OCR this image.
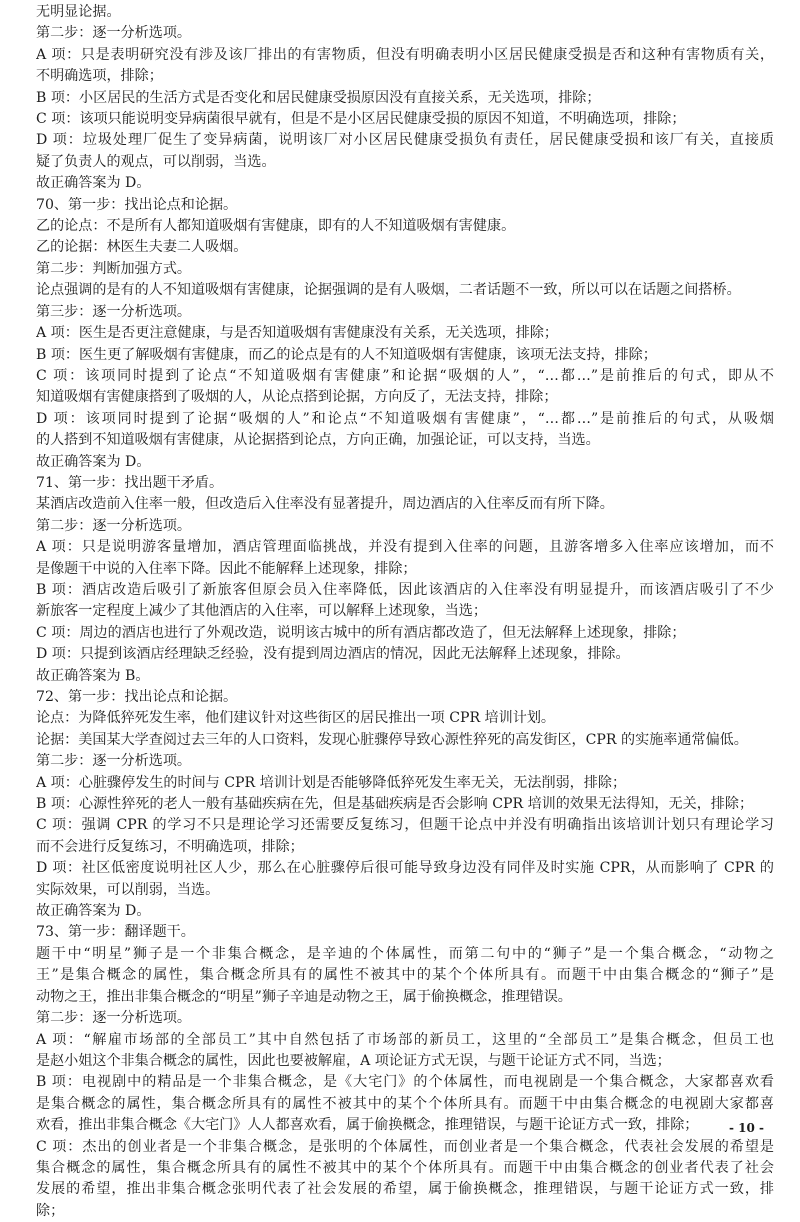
无明显论据。
第二步：逐一分析选项。
A 项：只是表明研究没有涉及该厂排出的有害物质，但没有明确表明小区居民健康受损是否和这种有害物质有关，
不明确选项，排除；
B 项：小区居民的生活方式是否变化和居民健康受损原因没有直接关系，无关选项，排除；
C 项：该项只能说明变异病菌很早就有，但是不是小区居民健康受损的原因不知道，不明确选项，排除；
D 项：垃圾处理厂促生了变异病菌，说明该厂对小区居民健康受损负有责任，居民健康受损和该厂有关，直接质
疑了负责人的观点，可以削弱，当选。
故正确答案为 D。
70、第一步：找出论点和论据。
乙的论点：不是所有人都知道吸烟有害健康，即有的人不知道吸烟有害健康。
乙的论据：林医生夫妻二人吸烟。
第二步：判断加强方式。
论点强调的是有的人不知道吸烟有害健康，论据强调的是有人吸烟，二者话题不一致，所以可以在话题之间搭桥。
第三步：逐一分析选项。
A 项：医生是否更注意健康，与是否知道吸烟有害健康没有关系，无关选项，排除；
B 项：医生更了解吸烟有害健康，而乙的论点是有的人不知道吸烟有害健康，该项无法支持，排除；
C 项：该项同时提到了论点“不知道吸烟有害健康”和论据“吸烟的人”，“…都…”是前推后的句式，即从不
知道吸烟有害健康搭到了吸烟的人，从论点搭到论据，方向反了，无法支持，排除；
D 项：该项同时提到了论据“吸烟的人”和论点“不知道吸烟有害健康”，“…都…”是前推后的句式，从吸烟
的人搭到不知道吸烟有害健康，从论据搭到论点，方向正确，加强论证，可以支持，当选。
故正确答案为 D。
71、第一步：找出题干矛盾。
某酒店改造前入住率一般，但改造后入住率没有显著提升，周边酒店的入住率反而有所下降。
第二步：逐一分析选项。
A 项：只是说明游客量增加，酒店管理面临挑战，并没有提到入住率的问题，且游客增多入住率应该增加，而不
是像题干中说的入住率下降。因此不能解释上述现象，排除；
B 项：酒店改造后吸引了新旅客但原会员入住率降低，因此该酒店的入住率没有明显提升，而该酒店吸引了不少
新旅客一定程度上减少了其他酒店的入住率，可以解释上述现象，当选；
C 项：周边的酒店也进行了外观改造，说明该古城中的所有酒店都改造了，但无法解释上述现象，排除；
D 项：只提到该酒店经理缺乏经验，没有提到周边酒店的情况，因此无法解释上述现象，排除。
故正确答案为 B。
72、第一步：找出论点和论据。
论点：为降低猝死发生率，他们建议针对这些街区的居民推出一项 CPR 培训计划。
论据：美国某大学查阅过去三年的人口资料，发现心脏骤停导致心源性猝死的高发街区，CPR 的实施率通常偏低。
第二步：逐一分析选项。
A 项：心脏骤停发生的时间与 CPR 培训计划是否能够降低猝死发生率无关，无法削弱，排除；
B 项：心源性猝死的老人一般有基础疾病在先，但是基础疾病是否会影响 CPR 培训的效果无法得知，无关，排除；
C 项：强调 CPR 的学习不只是理论学习还需要反复练习，但题干论点中并没有明确指出该培训计划只有理论学习
而不会进行反复练习，不明确选项，排除；
D 项：社区低密度说明社区人少，那么在心脏骤停后很可能导致身边没有同伴及时实施 CPR，从而影响了 CPR 的
实际效果，可以削弱，当选。
故正确答案为 D。
73、第一步：翻译题干。
题干中“明星”狮子是一个非集合概念，是辛迪的个体属性，而第二句中的“狮子”是一个集合概念，“动物之
王”是集合概念的属性，集合概念所具有的属性不被其中的某个个体所具有。而题干中由集合概念的“狮子”是
动物之王，推出非集合概念的“明星”狮子辛迪是动物之王，属于偷换概念，推理错误。
第二步：逐一分析选项。
A 项：“解雇市场部的全部员工”其中自然包括了市场部的新员工，这里的“全部员工”是集合概念，但员工也
是赵小姐这个非集合概念的属性，因此也要被解雇，A 项论证方式无误，与题干论证方式不同，当选；
B 项：电视剧中的精品是一个非集合概念，是《大宅门》的个体属性，而电视剧是一个集合概念，大家都喜欢看
是集合概念的属性，集合概念所具有的属性不被其中的某个个体所具有。而题干中由集合概念的电视剧大家都喜
欢看，推出非集合概念《大宅门》人人都喜欢看，属于偷换概念，推理错误，与题干论证方式一致，排除；
C 项：杰出的创业者是一个非集合概念，是张明的个体属性，而创业者是一个集合概念，代表社会发展的希望是
集合概念的属性，集合概念所具有的属性不被其中的某个个体所具有。而题干中由集合概念的创业者代表了社会
发展的希望，推出非集合概念张明代表了社会发展的希望，属于偷换概念，推理错误，与题干论证方式一致，排
除；
- 10 -
